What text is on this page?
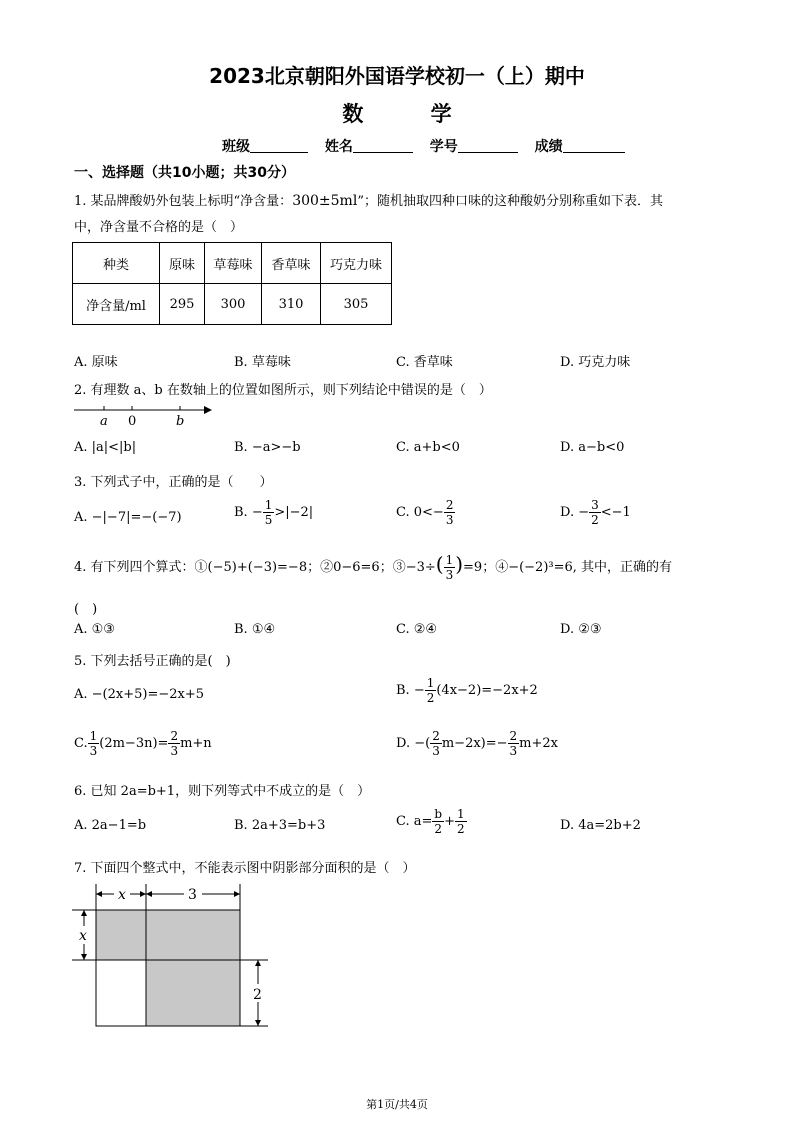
2023北京朝阳外国语学校初一（上）期中
数 学
班级	姓名	学号	成绩
一、选择题（共10小题；共30分）
1. 某品牌酸奶外包装上标明“净含量：300±5ml”；随机抽取四种口味的这种酸奶分别称重如下表．其
中，净含量不合格的是（　）
种类	原味	草莓味	香草味	巧克力味
净含量/ml	295	300	310	305
A. 原味	B. 草莓味	C. 香草味	D. 巧克力味
2. 有理数 a、b 在数轴上的位置如图所示，则下列结论中错误的是（　）
a 0	b
A. |a|<|b|	B. −a>−b	C. a+b<0	D. a−b<0
3. 下列式子中，正确的是（　　）
A. −|−7|=−(−7)	B. − $\frac{1}{5} >|-2|$	C. $0<- \frac{2}{3}$	D. − $\frac{3}{2} <-1$
4. 有下列四个算式：①(−5)+(−3)=−8；②0−6=6；③−3÷( $\frac{1}{3} )=9$；④−(−2)³=6, 其中，正确的有
(　)
A. ①③	B. ①④	C. ②④	D. ②③
5. 下列去括号正确的是(　)
A. −(2x+5)=−2x+5	B. − $\frac{1}{2} (4x-2)=-2x+2$
C. $\frac{1}{3} (2m-3n)= \frac{2}{3} m+n$	D. −( $\frac{2}{3} m-2x)=- \frac{2}{3} m+2x$
6. 已知 2a=b+1，则下列等式中不成立的是（　）
A. 2a−1=b	B. 2a+3=b+3	C. $a= \frac{b}{2} + \frac{1}{2}$	D. 4a=2b+2
7. 下面四个整式中，不能表示图中阴影部分面积的是（　）
x	3
x
2
第1页/共4页
